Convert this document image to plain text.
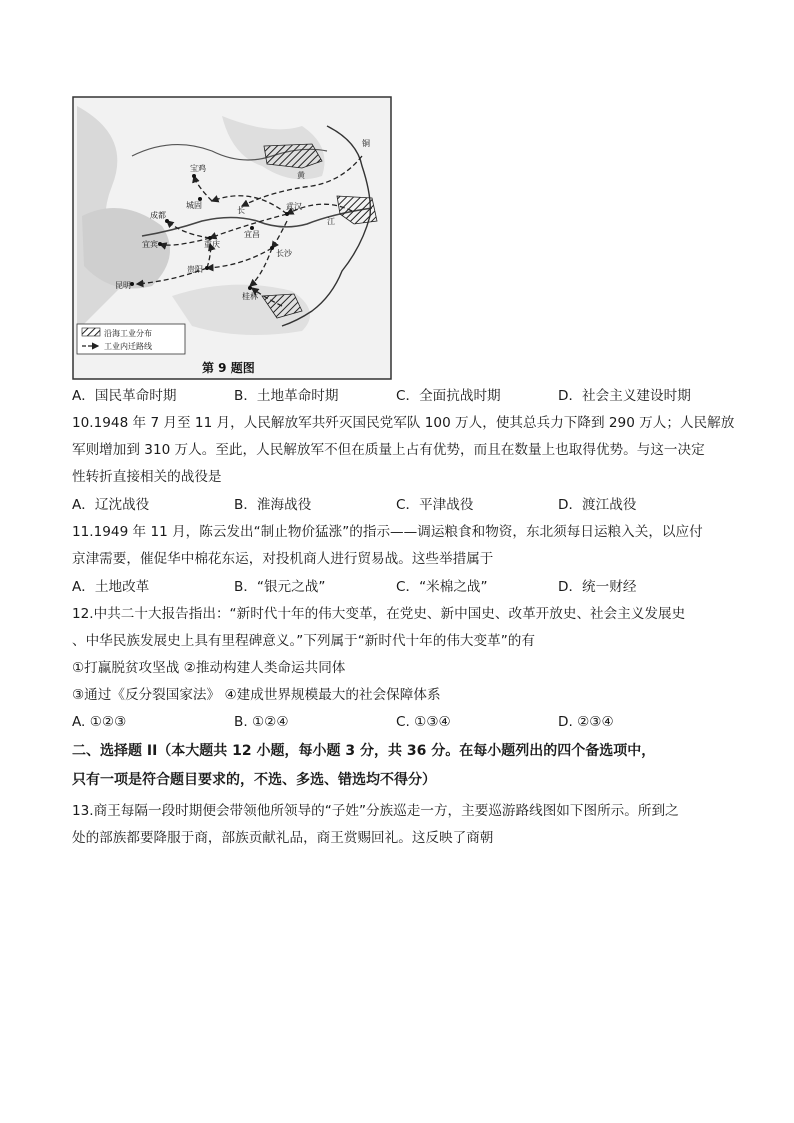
宝鸡
城固
成都
宜宾	重庆
宜昌
武汉
长沙
贵阳
昆明
桂林
长
江
黄
铜
沿海工业分布
工业内迁路线
第 9 题图
A．国民革命时期	B．土地革命时期	C．全面抗战时期	D．社会主义建设时期
10.1948 年 7 月至 11 月，人民解放军共歼灭国民党军队 100 万人，使其总兵力下降到 290 万人；人民解放
军则增加到 310 万人。至此，人民解放军不但在质量上占有优势，而且在数量上也取得优势。与这一决定
性转折直接相关的战役是
A．辽沈战役	B．淮海战役	C．平津战役	D．渡江战役
11.1949 年 11 月，陈云发出“制止物价猛涨”的指示——调运粮食和物资，东北须每日运粮入关，以应付
京津需要，催促华中棉花东运，对投机商人进行贸易战。这些举措属于
A．土地改革	B．“银元之战”	C．“米棉之战”	D．统一财经
12.中共二十大报告指出：“新时代十年的伟大变革，在党史、新中国史、改革开放史、社会主义发展史
、中华民族发展史上具有里程碑意义。”下列属于“新时代十年的伟大变革”的有
①打赢脱贫攻坚战 ②推动构建人类命运共同体
③通过《反分裂国家法》 ④建成世界规模最大的社会保障体系
A. ①②③	B. ①②④	C. ①③④	D. ②③④
二、选择题 II（本大题共 12 小题，每小题 3 分，共 36 分。在每小题列出的四个备选项中，
只有一项是符合题目要求的，不选、多选、错选均不得分）
13.商王每隔一段时期便会带领他所领导的“子姓”分族巡走一方，主要巡游路线图如下图所示。所到之
处的部族都要降服于商，部族贡献礼品，商王赏赐回礼。这反映了商朝
